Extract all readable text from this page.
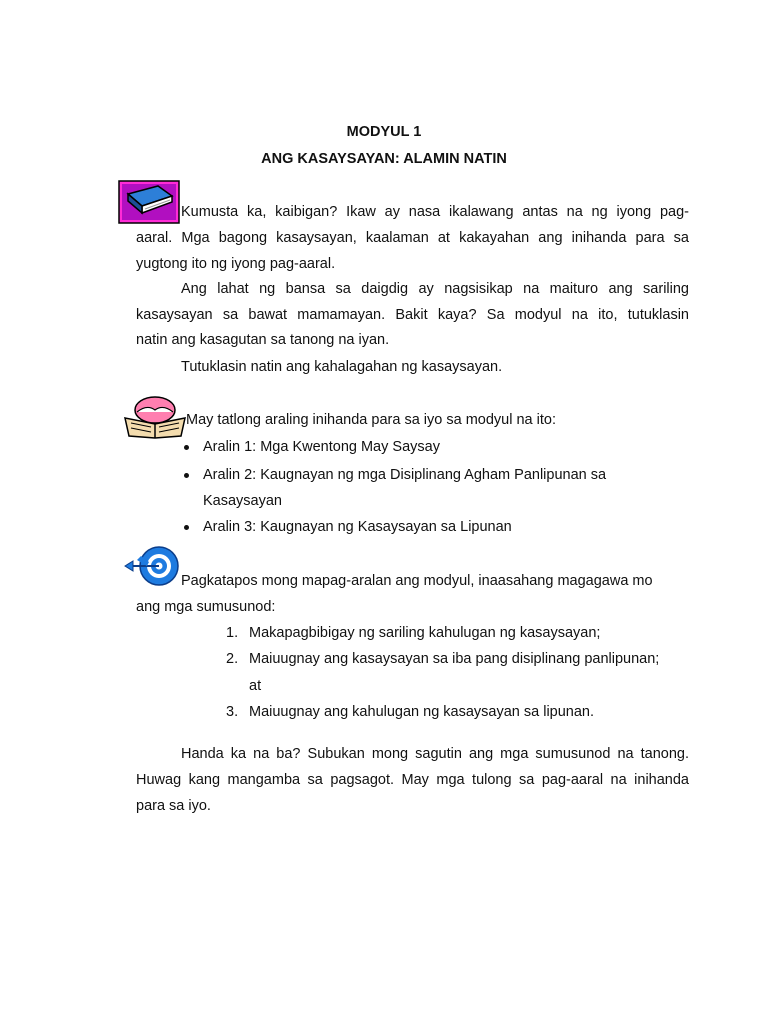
MODYUL 1
ANG KASAYSAYAN: ALAMIN NATIN
Kumusta ka, kaibigan? Ikaw ay nasa ikalawang antas na ng iyong pag-
aaral. Mga bagong kasaysayan, kaalaman at kakayahan ang inihanda para sa
yugtong ito ng iyong pag-aaral.
Ang lahat ng bansa sa daigdig ay nagsisikap na maituro ang sariling
kasaysayan sa bawat mamamayan. Bakit kaya? Sa modyul na ito, tutuklasin
natin ang kasagutan sa tanong na iyan.
Tutuklasin natin ang kahalagahan ng kasaysayan.
May tatlong araling inihanda para sa iyo sa modyul na ito:
Aralin 1: Mga Kwentong May Saysay
Aralin 2: Kaugnayan ng mga Disiplinang Agham Panlipunan sa
Kasaysayan
Aralin 3: Kaugnayan ng Kasaysayan sa Lipunan
Pagkatapos mong mapag-aralan ang modyul, inaasahang magagawa mo
ang mga sumusunod:
1. Makapagbibigay ng sariling kahulugan ng kasaysayan;
2. Maiuugnay ang kasaysayan sa iba pang disiplinang panlipunan;
at
3. Maiuugnay ang kahulugan ng kasaysayan sa lipunan.
Handa ka na ba? Subukan mong sagutin ang mga sumusunod na tanong.
Huwag kang mangamba sa pagsagot. May mga tulong sa pag-aaral na inihanda
para sa iyo.
